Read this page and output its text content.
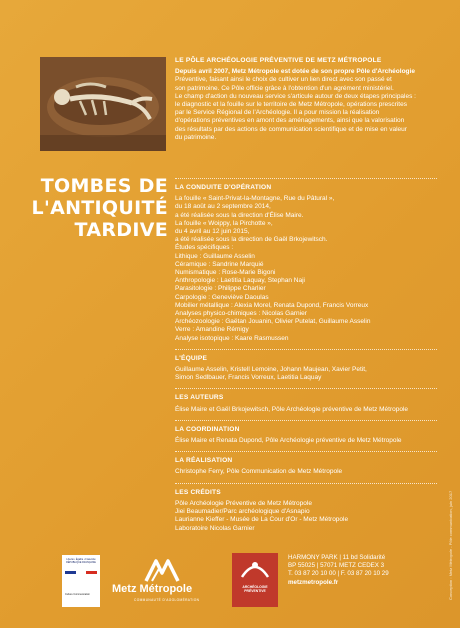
TOMBES DE
L'ANTIQUITÉ
TARDIVE
LE PÔLE ARCHÉOLOGIE PRÉVENTIVE DE METZ MÉTROPOLE
Depuis avril 2007, Metz Métropole est dotée de son propre Pôle d'Archéologie
Préventive, faisant ainsi le choix de cultiver un lien direct avec son passé et
son patrimoine. Ce Pôle officie grâce à l'obtention d'un agrément ministériel.
Le champ d'action du nouveau service s'articule autour de deux étapes principales :
le diagnostic et la fouille sur le territoire de Metz Métropole, opérations prescrites
par le Service Régional de l'Archéologie. Il a pour mission la réalisation
d'opérations préventives en amont des aménagements, ainsi que la valorisation
des résultats par des actions de communication scientifique et de mise en valeur
du patrimoine.
LA CONDUITE D'OPÉRATION
La fouille « Saint-Privat-la-Montagne, Rue du Pâtural »,
du 18 août au 2 septembre 2014,
a été réalisée sous la direction d'Élise Maire.
La fouille « Woippy, la Pirchotte »,
du 4 avril au 12 juin 2015,
a été réalisée sous la direction de Gaël Brkojewitsch.
Études spécifiques :
Lithique : Guillaume Asselin
Céramique : Sandrine Marquié
Numismatique : Rose-Marie Bigoni
Anthropologie : Laetitia Laquay, Stephan Naji
Parasitologie : Philippe Charlier
Carpologie : Geneviève Daoulas
Mobilier métallique : Alexia Morel, Renata Dupond, Francis Vorreux
Analyses physico-chimiques : Nicolas Garnier
Archéozoologie : Gaëtan Jouanin, Olivier Putelat, Guillaume Asselin
Verre : Amandine Rémigy
Analyse isotopique : Kaare Rasmussen
L'ÉQUIPE
Guillaume Asselin, Kristell Lemoine, Johann Maujean, Xavier Petit,
Simon Sedlbauer, Francis Vorreux, Laetitia Laquay
LES AUTEURS
Élise Maire et Gaël Brkojewitsch, Pôle Archéologie préventive de Metz Métropole
LA COORDINATION
Élise Maire et Renata Dupond, Pôle Archéologie préventive de Metz Métropole
LA RÉALISATION
Christophe Ferry, Pôle Communication de Metz Métropole
LES CRÉDITS
Pôle Archéologie Préventive de Metz Métropole
Jiei Beaumadier/Parc archéologique d'Asnapio
Laurianne Kieffer - Musée de La Cour d'Or - Metz Métropole
Laboratoire Nicolas Garnier
Liberté • Égalité • Fraternité RÉPUBLIQUE FRANÇAISE
Culture Communication	Metz Métropole
COMMUNAUTÉ D'AGGLOMÉRATION
ARCHÉOLOGIE PRÉVENTIVE
HARMONY PARK | 11 bd Solidarité
BP 55025 | 57071 METZ CEDEX 3
T. 03 87 20 10 00 | F. 03 87 20 10 29
metzmetropole.fr	Conception : Metz Métropole - Pôle communication, juin 2017
